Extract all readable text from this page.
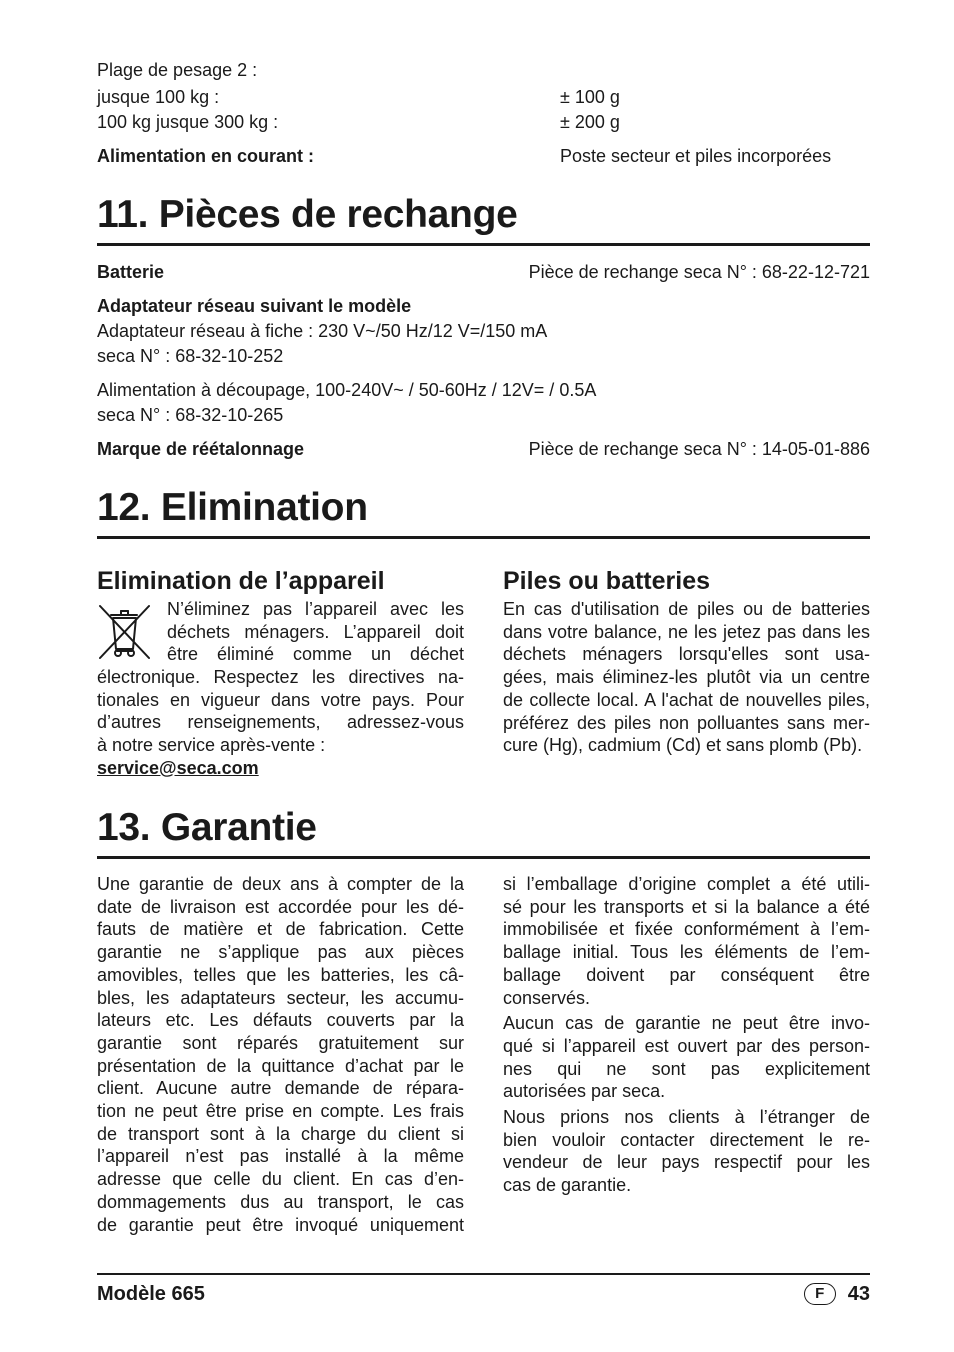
Plage de pesage 2 :
jusque 100 kg :	± 100 g
100 kg jusque 300 kg :	± 200 g
Alimentation en courant :	Poste secteur et piles incorporées
11. Pièces de rechange
Batterie	Pièce de rechange seca N° : 68-22-12-721
Adaptateur réseau suivant le modèle
Adaptateur réseau à fiche : 230 V~/50 Hz/12 V=/150 mA
seca N° : 68-32-10-252
Alimentation à découpage, 100-240V~ / 50-60Hz / 12V= / 0.5A
seca N° : 68-32-10-265
Marque de réétalonnage	Pièce de rechange seca N° : 14-05-01-886
12. Elimination
Elimination de l’appareil
N’éliminez pas l’appareil avec les
déchets ménagers. L’appareil doit
être éliminé comme un déchet
électronique. Respectez les directives na-
tionales en vigueur dans votre pays. Pour
d’autres renseignements, adressez-vous
à notre service après-vente :
service@seca.com
Piles ou batteries
En cas d'utilisation de piles ou de batteries
dans votre balance, ne les jetez pas dans les
déchets ménagers lorsqu'elles sont usa-
gées, mais éliminez-les plutôt via un centre
de collecte local. A l'achat de nouvelles piles,
préférez des piles non polluantes sans mer-
cure (Hg), cadmium (Cd) et sans plomb (Pb).
13. Garantie
Une garantie de deux ans à compter de la
date de livraison est accordée pour les dé-
fauts de matière et de fabrication. Cette
garantie ne s’applique pas aux pièces
amovibles, telles que les batteries, les câ-
bles, les adaptateurs secteur, les accumu-
lateurs etc. Les défauts couverts par la
garantie sont réparés gratuitement sur
présentation de la quittance d’achat par le
client. Aucune autre demande de répara-
tion ne peut être prise en compte. Les frais
de transport sont à la charge du client si
l’appareil n’est pas installé à la même
adresse que celle du client. En cas d’en-
dommagements dus au transport, le cas
de garantie peut être invoqué uniquement
si l’emballage d’origine complet a été utili-
sé pour les transports et si la balance a été
immobilisée et fixée conformément à l’em-
ballage initial. Tous les éléments de l’em-
ballage doivent par conséquent être
conservés.
Aucun cas de garantie ne peut être invo-
qué si l’appareil est ouvert par des person-
nes qui ne sont pas explicitement
autorisées par seca.
Nous prions nos clients à l’étranger de
bien vouloir contacter directement le re-
vendeur de leur pays respectif pour les
cas de garantie.
Modèle 665	F	43
